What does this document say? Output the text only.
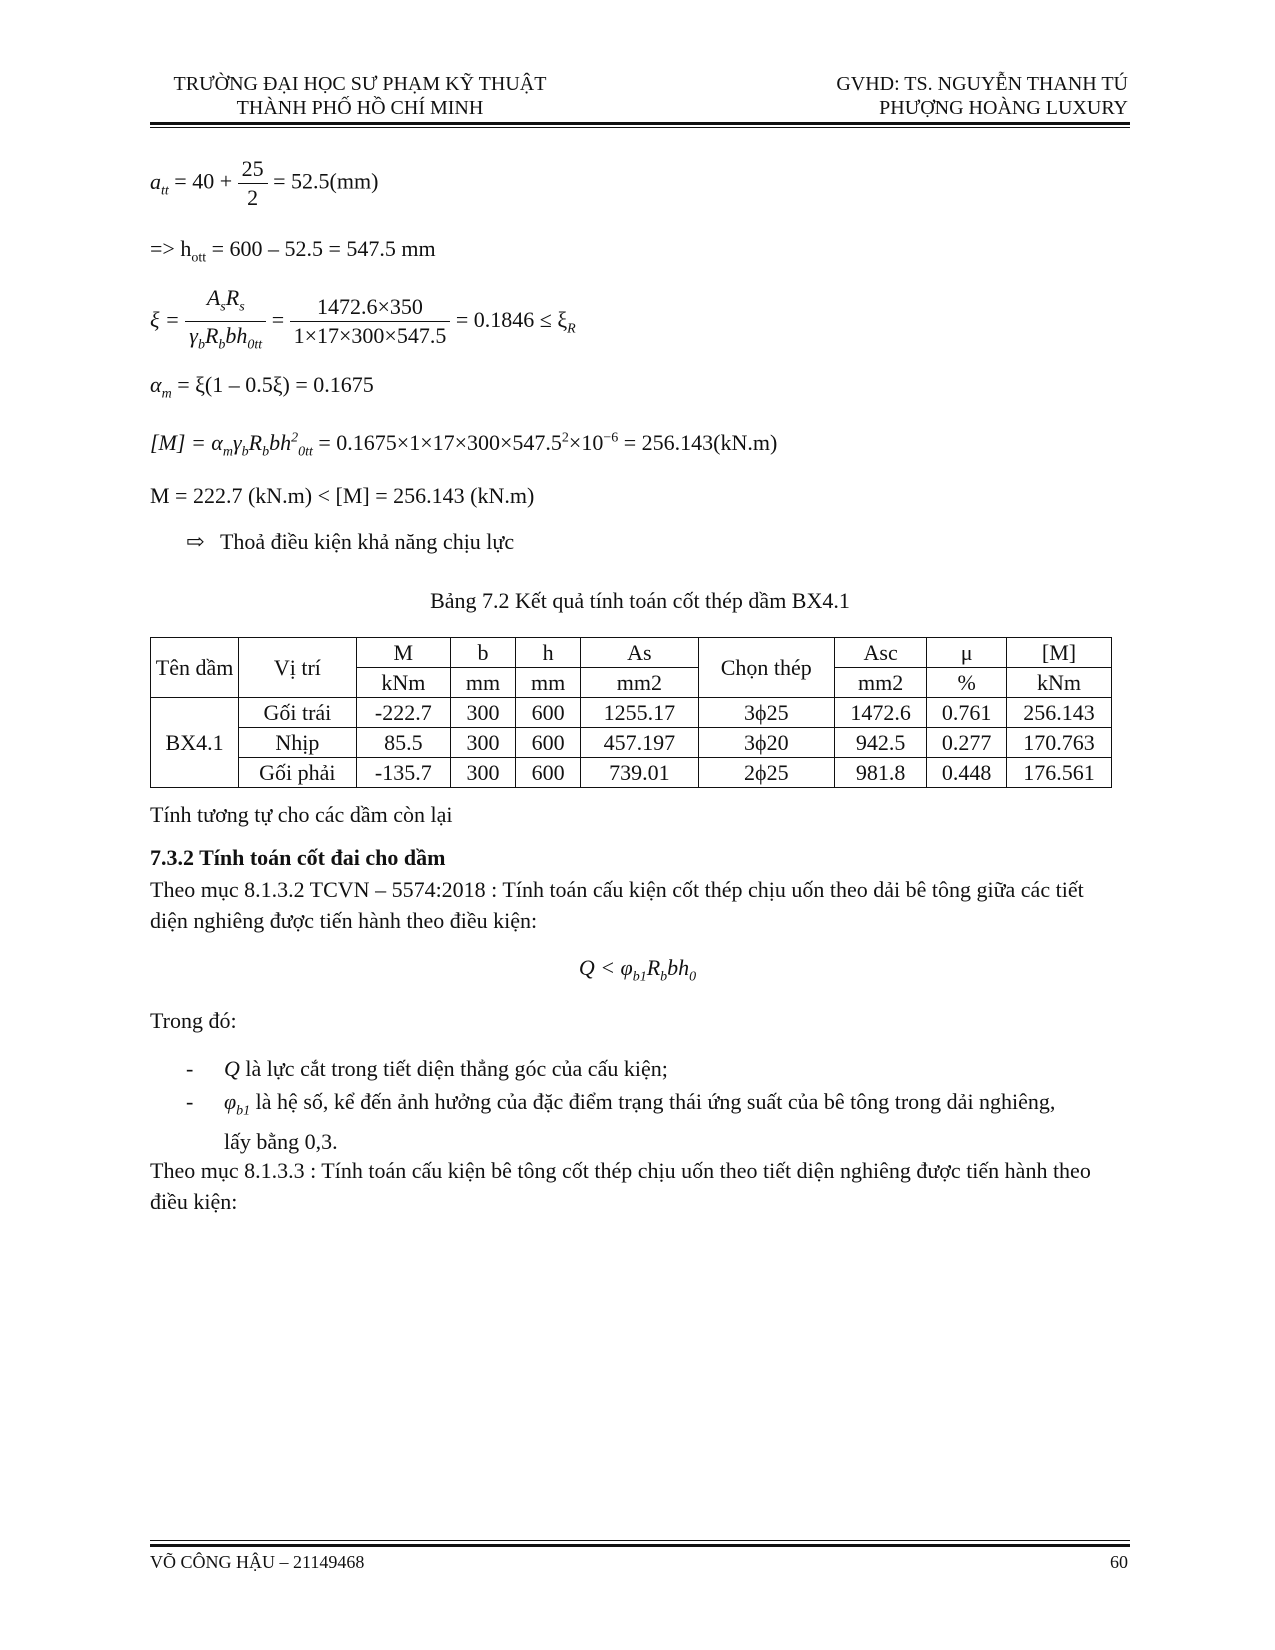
TRƯỜNG ĐẠI HỌC SƯ PHẠM KỸ THUẬT
THÀNH PHỐ HỒ CHÍ MINH
GVHD: TS. NGUYỄN THANH TÚ
PHƯỢNG HOÀNG LUXURY
$a_{tt} = 40 + \frac{25}{2} = 52.5(mm)$
=> $h_{ott} = 600 - 52.5 = 547.5$ mm
$\xi = \frac{A_sR_s}{\gamma_bR_bbh_{0tt}} = \frac{1472.6\times 350}{1\times 17\times 300\times 547.5} = 0.1846 \le \xi_R$
$\alpha_m = \xi(1 - 0.5\xi) = 0.1675$
$[M] = \alpha_m\gamma_bR_bbh^2_{0tt} = 0.1675\times 1\times 17\times 300\times 547.5^2\times 10^{-6} = 256.143(kN.m)$
M = 222.7 (kN.m) < [M] = 256.143 (kN.m)
⇨ Thoả điều kiện khả năng chịu lực
Bảng 7.2 Kết quả tính toán cốt thép dầm BX4.1
Tên dầm	Vị trí	M	b	h	As	Chọn thép	Asc	μ	[M]
		kNm	mm	mm	mm2		mm2	%	kNm
BX4.1	Gối trái	-222.7	300	600	1255.17	3ϕ25	1472.6	0.761	256.143
	Nhịp	85.5	300	600	457.197	3ϕ20	942.5	0.277	170.763
	Gối phải	-135.7	300	600	739.01	2ϕ25	981.8	0.448	176.561
Tính tương tự cho các dầm còn lại
7.3.2 Tính toán cốt đai cho dầm
Theo mục 8.1.3.2 TCVN – 5574:2018 : Tính toán cấu kiện cốt thép chịu uốn theo dải bê tông giữa các tiết diện nghiêng được tiến hành theo điều kiện:
$Q < \varphi_{b1}R_bbh_0$
Trong đó:
- Q là lực cắt trong tiết diện thẳng góc của cấu kiện;
- $\varphi_{b1}$ là hệ số, kể đến ảnh hưởng của đặc điểm trạng thái ứng suất của bê tông trong dải nghiêng, lấy bằng 0,3.
Theo mục 8.1.3.3 : Tính toán cấu kiện bê tông cốt thép chịu uốn theo tiết diện nghiêng được tiến hành theo điều kiện:
VÕ CÔNG HẬU – 21149468	60
